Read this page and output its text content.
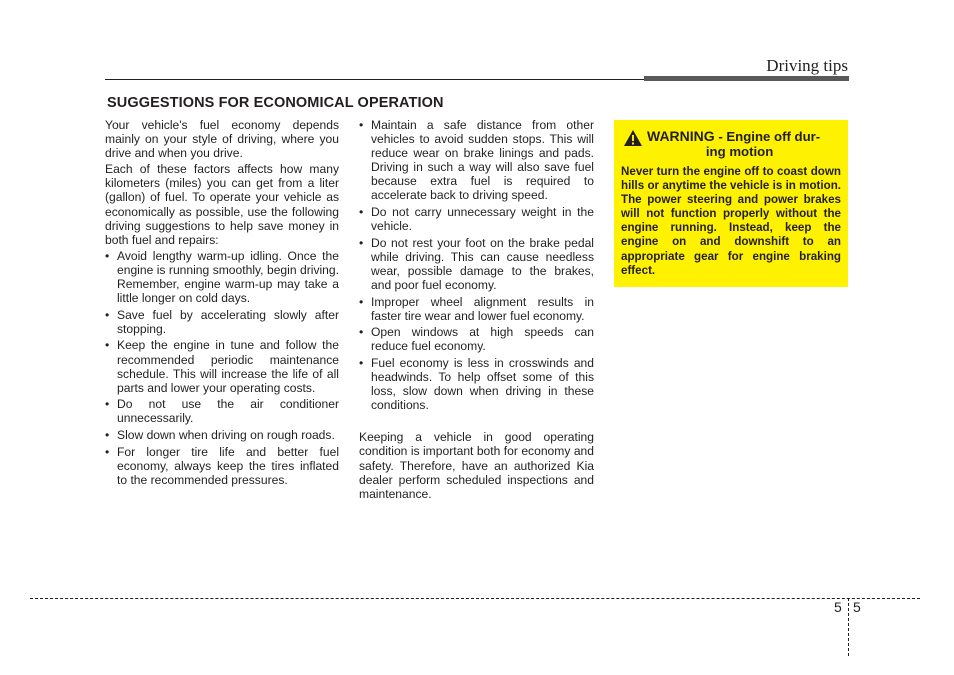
Driving tips
SUGGESTIONS FOR ECONOMICAL OPERATION

Your vehicle's fuel economy depends mainly on your style of driving, where you drive and when you drive.

Each of these factors affects how many kilometers (miles) you can get from a liter (gallon) of fuel. To operate your vehicle as economically as possible, use the following driving suggestions to help save money in both fuel and repairs:

• Avoid lengthy warm-up idling. Once the engine is running smoothly, begin driving. Remember, engine warm-up may take a little longer on cold days.
• Save fuel by accelerating slowly after stopping.
• Keep the engine in tune and follow the recommended periodic maintenance schedule. This will increase the life of all parts and lower your operating costs.
• Do not use the air conditioner unnecessarily.
• Slow down when driving on rough roads.
• For longer tire life and better fuel economy, always keep the tires inflated to the recommended pressures.
• Maintain a safe distance from other vehicles to avoid sudden stops. This will reduce wear on brake linings and pads. Driving in such a way will also save fuel because extra fuel is required to accelerate back to driving speed.
• Do not carry unnecessary weight in the vehicle.
• Do not rest your foot on the brake pedal while driving. This can cause needless wear, possible damage to the brakes, and poor fuel economy.
• Improper wheel alignment results in faster tire wear and lower fuel economy.
• Open windows at high speeds can reduce fuel economy.
• Fuel economy is less in crosswinds and headwinds. To help offset some of this loss, slow down when driving in these conditions.

Keeping a vehicle in good operating condition is important both for economy and safety. Therefore, have an authorized Kia dealer perform scheduled inspections and maintenance.

WARNING - Engine off dur-
ing motion
Never turn the engine off to coast down hills or anytime the vehicle is in motion. The power steering and power brakes will not function properly without the engine running. Instead, keep the engine on and downshift to an appropriate gear for engine braking effect.
5 5
